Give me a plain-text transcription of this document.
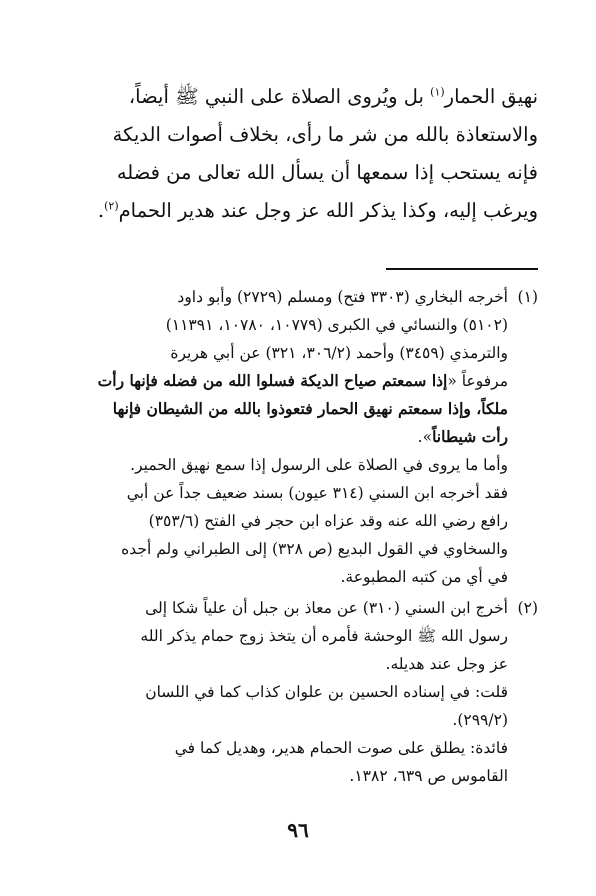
نهيق الحمار$^{(١)}$ بل ويُروى الصلاة على النبي ﷺ أيضاً،
والاستعاذة بالله من شر ما رأى، بخلاف أصوات الديكة
فإنه يستحب إذا سمعها أن يسأل الله تعالى من فضله
ويرغب إليه، وكذا يذكر الله عز وجل عند هدير الحمام$^{(٢)}$.
(١)
أخرجه البخاري (٣٣٠٣ فتح) ومسلم (٢٧٢٩) وأبو داود
(٥١٠٢) والنسائي في الكبرى (١٠٧٧٩، ١٠٧٨٠، ١١٣٩١)
والترمذي (٣٤٥٩) وأحمد (٣٠٦/٢، ٣٢١) عن أبي هريرة
مرفوعاً «إذا سمعتم صياح الديكة فسلوا الله من فضله فإنها رأت
ملكاً، وإذا سمعتم نهيق الحمار فتعوذوا بالله من الشيطان فإنها
رأت شيطاناً».
وأما ما يروى في الصلاة على الرسول إذا سمع نهيق الحمير.
فقد أخرجه ابن السني (٣١٤ عيون) بسند ضعيف جداً عن أبي
رافع رضي الله عنه وقد عزاه ابن حجر في الفتح (٣٥٣/٦)
والسخاوي في القول البديع (ص ٣٢٨) إلى الطبراني ولم أجده
في أي من كتبه المطبوعة.
(٢)
أخرج ابن السني (٣١٠) عن معاذ بن جبل أن علياً شكا إلى
رسول الله ﷺ الوحشة فأمره أن يتخذ زوج حمام يذكر الله
عز وجل عند هديله.
قلت: في إسناده الحسين بن علوان كذاب كما في اللسان
(٢٩٩/٢).
فائدة: يطلق على صوت الحمام هدير، وهديل كما في
القاموس ص ٦٣٩، ١٣٨٢.
٩٦
